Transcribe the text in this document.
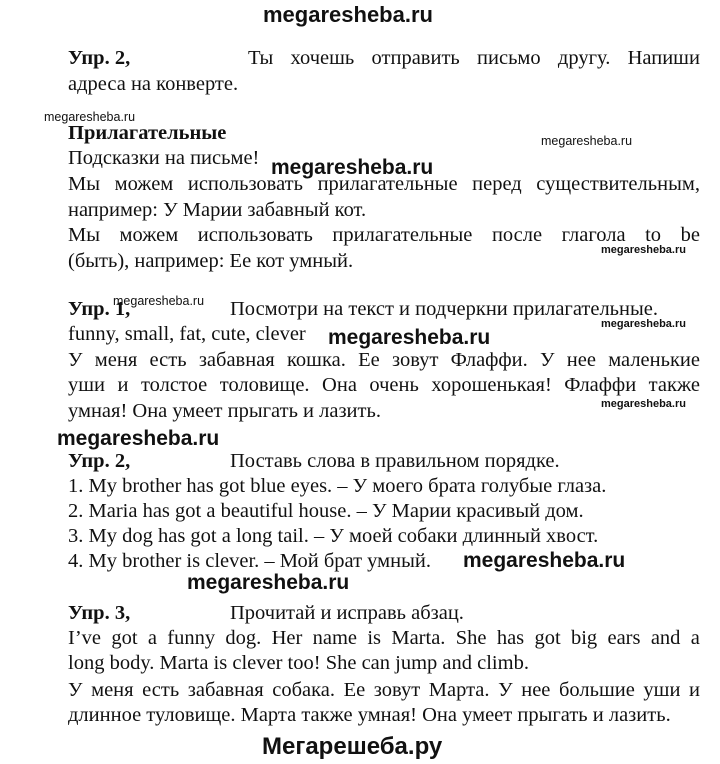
megaresheba.ru
megaresheba.ru
megaresheba.ru
megaresheba.ru
megaresheba.ru
megaresheba.ru
megaresheba.ru
megaresheba.ru
megaresheba.ru
megaresheba.ru
megaresheba.ru
megaresheba.ru
Мегарешеба.ру
Упр. 2,	Ты хочешь отправить письмо другу. Напиши
адреса на конверте.
Прилагательные
Подсказки на письме!
Мы можем использовать прилагательные перед существительным,
например: У Марии забавный кот.
Мы можем использовать прилагательные после глагола to be
(быть), например: Ее кот умный.
Упр. 1,	Посмотри на текст и подчеркни прилагательные.
funny, small, fat, cute, clever
У меня есть забавная кошка. Ее зовут Флаффи. У нее маленькие
уши и толстое толовище. Она очень хорошенькая! Флаффи также
умная! Она умеет прыгать и лазить.
Упр. 2,	Поставь слова в правильном порядке.
1. My brother has got blue eyes. – У моего брата голубые глаза.
2. Maria has got a beautiful house. – У Марии красивый дом.
3. My dog has got a long tail. – У моей собаки длинный хвост.
4. My brother is clever. – Мой брат умный.
Упр. 3,	Прочитай и исправь абзац.
I’ve got a funny dog. Her name is Marta. She has got big ears and a
long body. Marta is clever too! She can jump and climb.
У меня есть забавная собака. Ее зовут Марта. У нее большие уши и
длинное туловище. Марта также умная! Она умеет прыгать и лазить.
